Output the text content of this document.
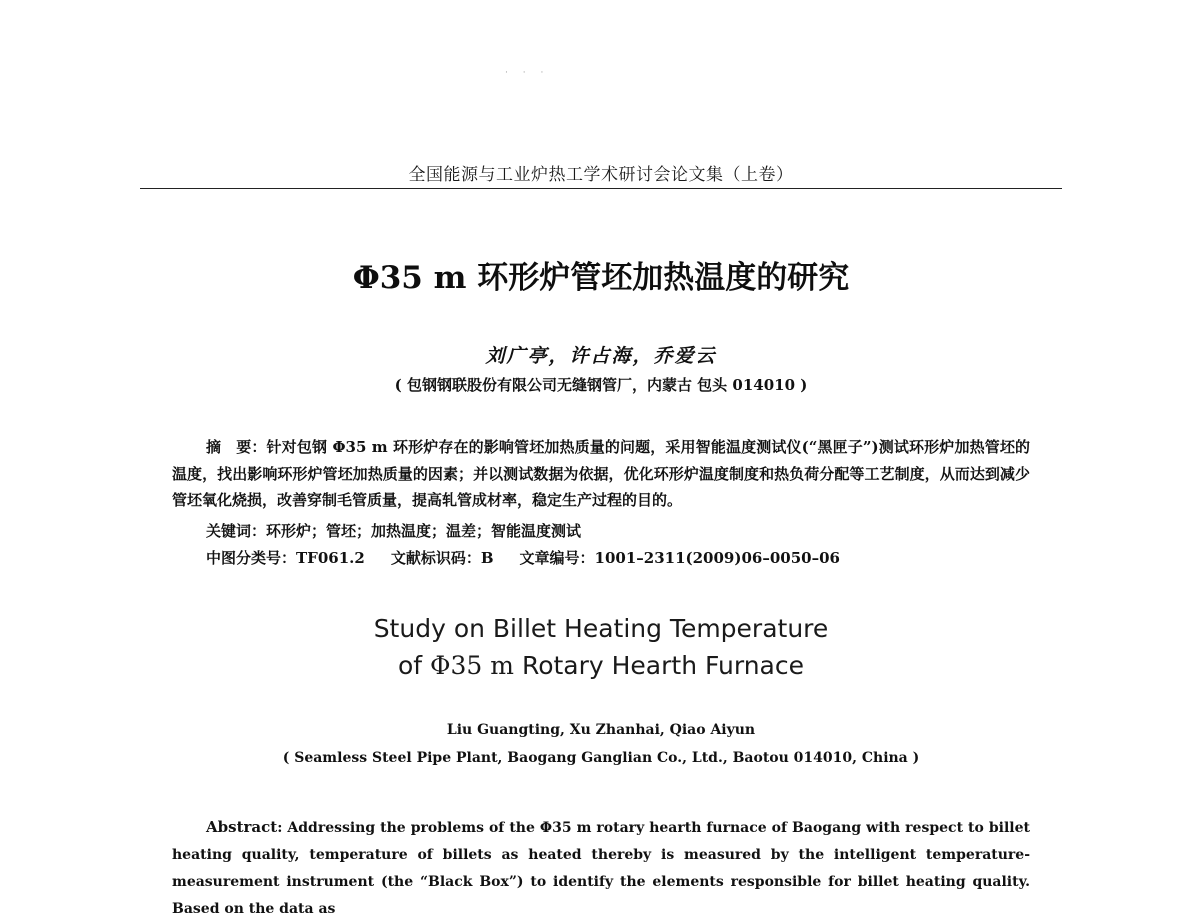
· · ·
全国能源与工业炉热工学术研讨会论文集（上卷）
Φ35 m 环形炉管坯加热温度的研究
刘广亭，许占海，乔爱云
( 包钢钢联股份有限公司无缝钢管厂，内蒙古 包头 014010 )

摘　要：针对包钢 Φ35 m 环形炉存在的影响管坯加热质量的问题，采用智能温度测试仪(“黑匣子”)测试环形炉加热管坯的温度，找出影响环形炉管坯加热质量的因素；并以测试数据为依据，优化环形炉温度制度和热负荷分配等工艺制度，从而达到减少管坯氧化烧损，改善穿制毛管质量，提高轧管成材率，稳定生产过程的目的。

关键词：环形炉；管坯；加热温度；温差；智能温度测试
中图分类号：TF061.2 文献标识码：B 文章编号：1001–2311(2009)06–0050–06
Study on Billet Heating Temperature
of Φ35 m Rotary Hearth Furnace
Liu Guangting, Xu Zhanhai, Qiao Aiyun
( Seamless Steel Pipe Plant, Baogang Ganglian Co., Ltd., Baotou 014010, China )

Abstract: Addressing the problems of the Φ35 m rotary hearth furnace of Baogang with respect to billet heating quality, temperature of billets as heated thereby is measured by the intelligent temperature-measurement instrument (the “Black Box”) to identify the elements responsible for billet heating quality. Based on the data as
